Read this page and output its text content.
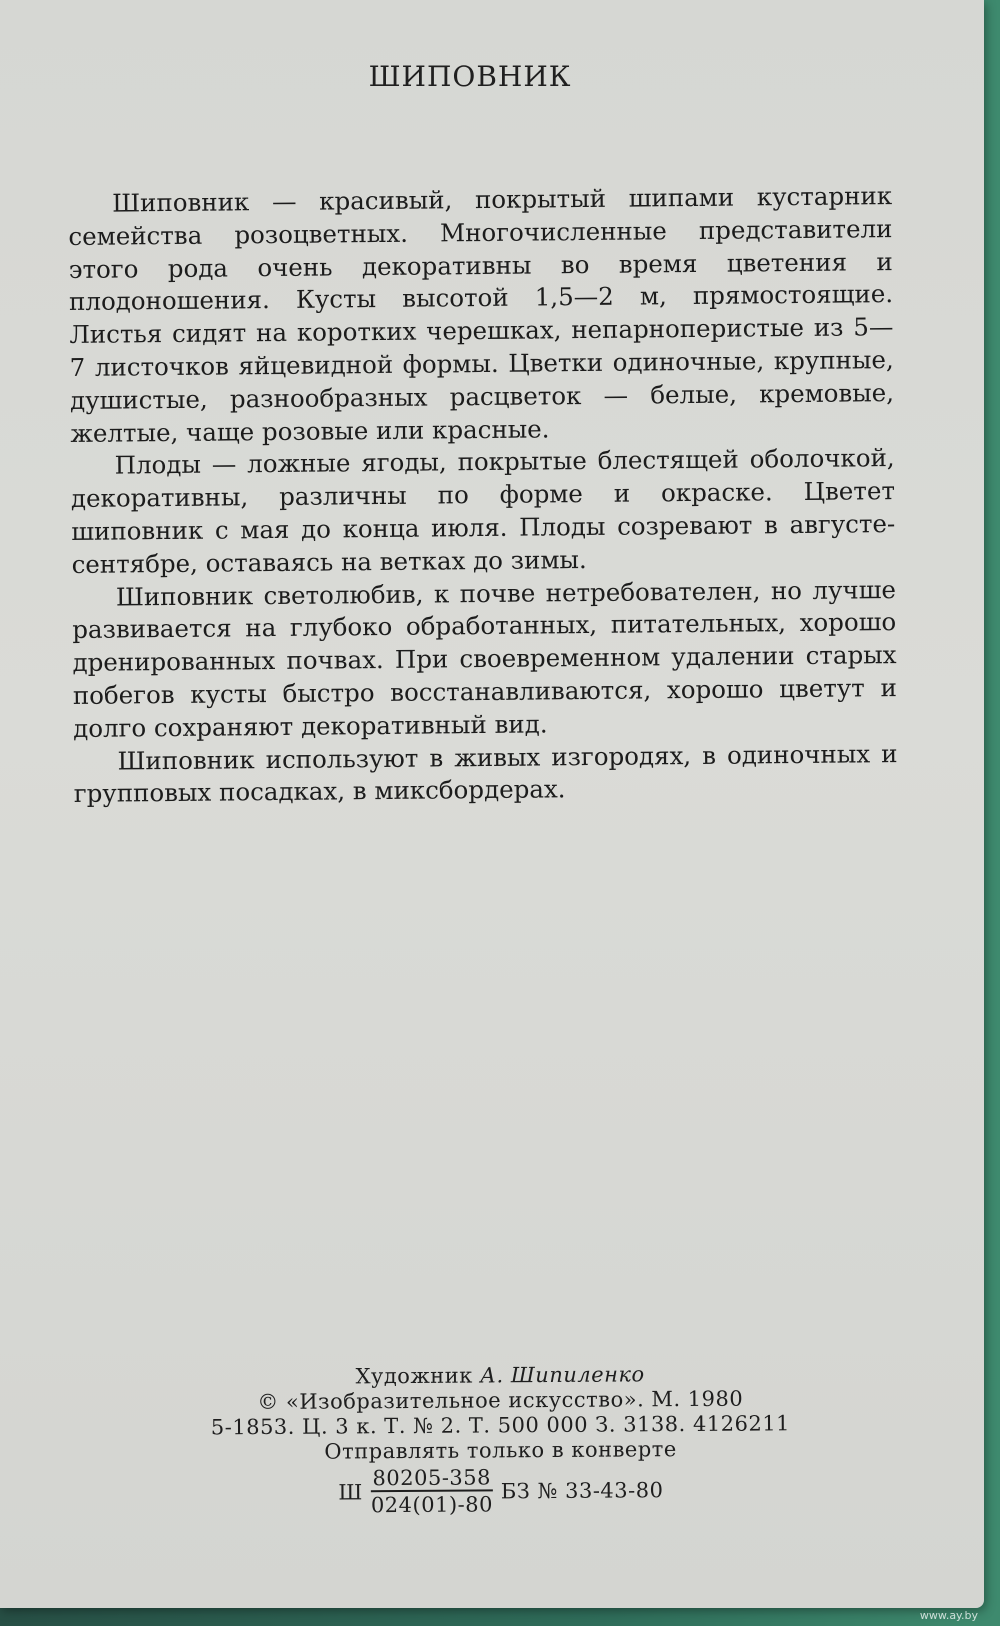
ШИПОВНИК

Шиповник — красивый, покрытый шипами кустарник семейства розоцветных. Многочисленные представители этого рода очень декоративны во время цветения и плодоношения. Кусты высотой 1,5—2 м, прямостоящие. Листья сидят на коротких черешках, непарноперистые из 5—7 листочков яйцевидной формы. Цветки одиночные, крупные, душистые, разнообразных расцветок — белые, кремовые, желтые, чаще розовые или красные.

Плоды — ложные ягоды, покрытые блестящей оболочкой, декоративны, различны по форме и окраске. Цветет шиповник с мая до конца июля. Плоды созревают в августе-сентябре, оставаясь на ветках до зимы.

Шиповник светолюбив, к почве нетребователен, но лучше развивается на глубоко обработанных, питательных, хорошо дренированных почвах. При своевременном удалении старых побегов кусты быстро восстанавливаются, хорошо цветут и долго сохраняют декоративный вид.

Шиповник используют в живых изгородях, в одиночных и групповых посадках, в миксбордерах.

Художник А. Шипиленко
© «Изобразительное искусство». М. 1980
5-1853. Ц. 3 к. Т. № 2. Т. 500 000 З. 3138. 4126211
Отправлять только в конверте
Ш $\frac{80205-358}{024(01)-80}$ БЗ № 33-43-80
www.ay.by
